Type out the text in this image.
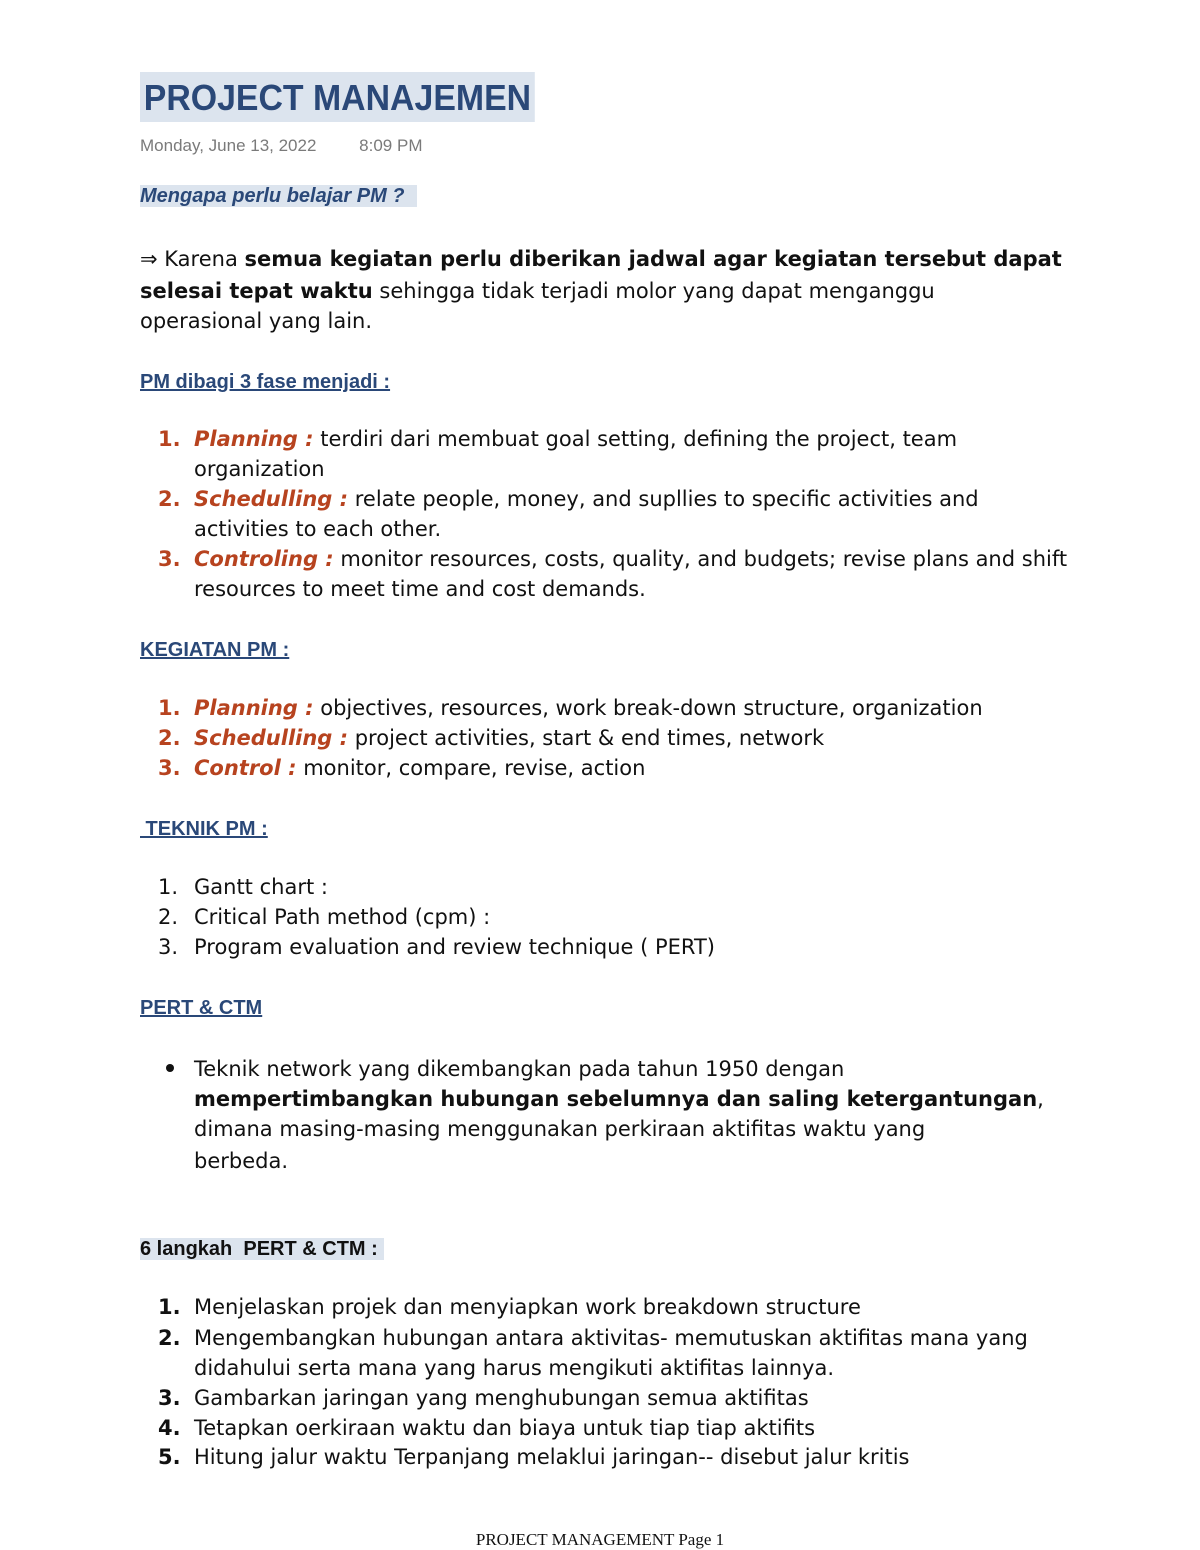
PROJECT MANAJEMEN
Monday, June 13, 2022	8:09 PM
Mengapa perlu belajar PM ?
⇒ Karena semua kegiatan perlu diberikan jadwal agar kegiatan tersebut dapat
selesai tepat waktu sehingga tidak terjadi molor yang dapat menganggu
operasional yang lain.
PM dibagi 3 fase menjadi :
1. Planning : terdiri dari membuat goal setting, defining the project, team
organization
2. Schedulling : relate people, money, and supllies to specific activities and
activities to each other.
3. Controling : monitor resources, costs, quality, and budgets; revise plans and shift
resources to meet time and cost demands.
KEGIATAN PM :
1. Planning : objectives, resources, work break-down structure, organization
2. Schedulling : project activities, start & end times, network
3. Control : monitor, compare, revise, action
TEKNIK PM :
1. Gantt chart :
2. Critical Path method (cpm) :
3. Program evaluation and review technique ( PERT)
PERT & CTM
Teknik network yang dikembangkan pada tahun 1950 dengan
mempertimbangkan hubungan sebelumnya dan saling ketergantungan,
dimana masing-masing menggunakan perkiraan aktifitas waktu yang
berbeda.
6 langkah  PERT & CTM :
1. Menjelaskan projek dan menyiapkan work breakdown structure
2. Mengembangkan hubungan antara aktivitas- memutuskan aktifitas mana yang
didahului serta mana yang harus mengikuti aktifitas lainnya.
3. Gambarkan jaringan yang menghubungan semua aktifitas
4. Tetapkan oerkiraan waktu dan biaya untuk tiap tiap aktifits
5. Hitung jalur waktu Terpanjang melaklui jaringan-- disebut jalur kritis
PROJECT MANAGEMENT Page 1
